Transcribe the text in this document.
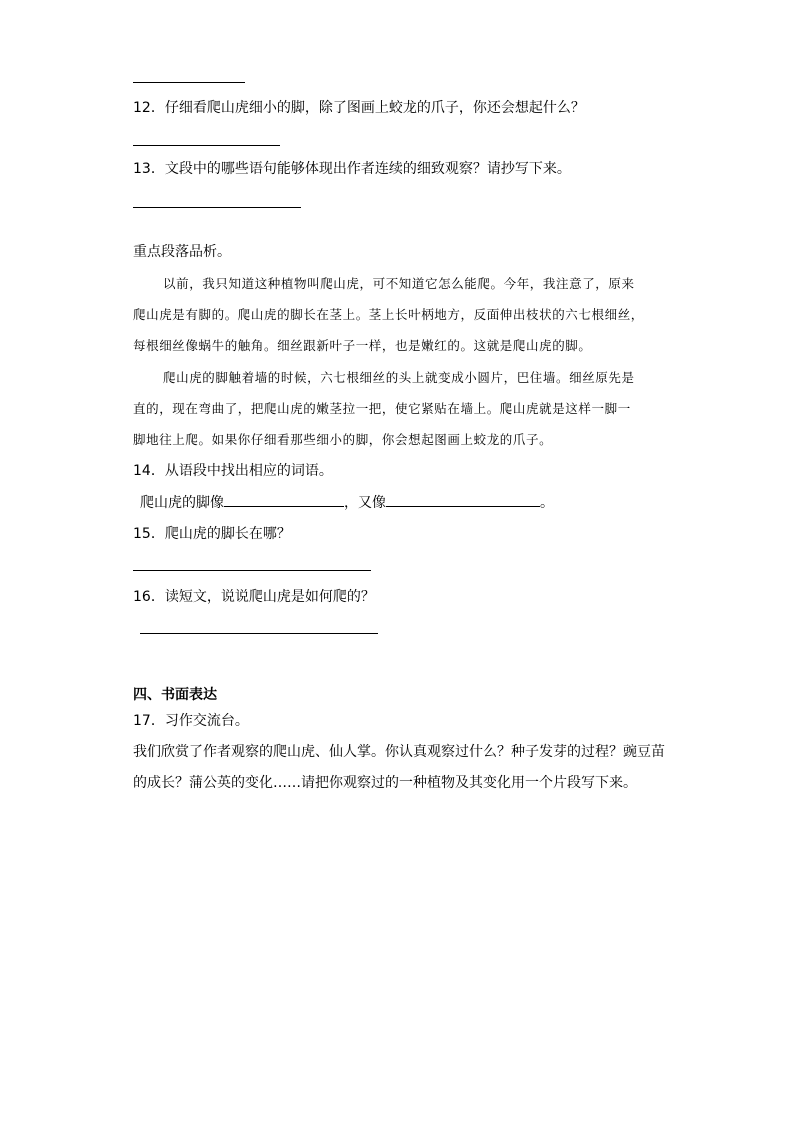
12．仔细看爬山虎细小的脚，除了图画上蛟龙的爪子，你还会想起什么？
13．文段中的哪些语句能够体现出作者连续的细致观察？请抄写下来。
重点段落品析。
以前，我只知道这种植物叫爬山虎，可不知道它怎么能爬。今年，我注意了，原来
爬山虎是有脚的。爬山虎的脚长在茎上。茎上长叶柄地方，反面伸出枝状的六七根细丝，
每根细丝像蜗牛的触角。细丝跟新叶子一样，也是嫩红的。这就是爬山虎的脚。
爬山虎的脚触着墙的时候，六七根细丝的头上就变成小圆片，巴住墙。细丝原先是
直的，现在弯曲了，把爬山虎的嫩茎拉一把，使它紧贴在墙上。爬山虎就是这样一脚一
脚地往上爬。如果你仔细看那些细小的脚，你会想起图画上蛟龙的爪子。
14．从语段中找出相应的词语。
爬山虎的脚像	，又像	。
15．爬山虎的脚长在哪？
16．读短文，说说爬山虎是如何爬的？
四、书面表达
17．习作交流台。
我们欣赏了作者观察的爬山虎、仙人掌。你认真观察过什么？种子发芽的过程？豌豆苗
的成长？蒲公英的变化……请把你观察过的一种植物及其变化用一个片段写下来。
